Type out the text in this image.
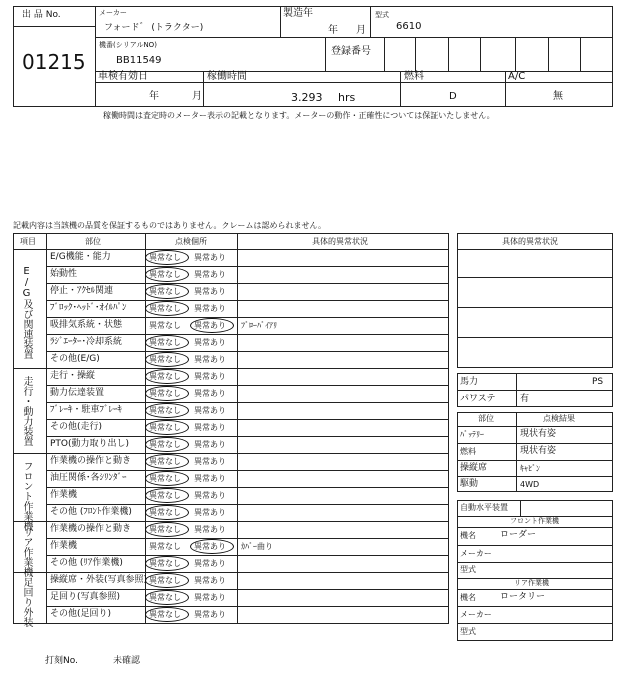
出 品 No.
01215
メーカー
フォード゛ (トラクター)
製造年
年 月
型式
6610
機番(シリアルNO)
BB11549
登録番号
車検有効日
年	月
稼働時間
3.293 hrs
燃料
D
A/C
無
稼働時間は査定時のメーター表示の記載となります。メーターの動作・正確性については保証いたしません。
記載内容は当該機の品質を保証するものではありません。クレームは認められません。
項目	部位	点検個所	具体的異常状況
E/G機能・能力	異常なし 異常あり
始動性	異常なし 異常あり
停止・ｱｸｾﾙ関連	異常なし 異常あり
ﾌﾞﾛｯｸ･ﾍｯﾄﾞ･ｵｲﾙﾊﾟﾝ	異常なし 異常あり
吸排気系統・状態	異常なし 異常あり ﾌﾞﾛｰﾊﾞｲｱﾘ
ﾗｼﾞｴｰﾀｰ･冷却系統	異常なし 異常あり
その他(E/G)	異常なし 異常あり
走行・操縦	異常なし 異常あり
動力伝達装置	異常なし 異常あり
ﾌﾞﾚｰｷ・駐車ﾌﾞﾚｰｷ	異常なし 異常あり
その他(走行)	異常なし 異常あり
PTO(動力取り出し) 異常なし 異常あり
作業機の操作と動き 異常なし 異常あり
油圧関係･各ｼﾘﾝﾀﾞｰ	異常なし 異常あり
作業機	異常なし 異常あり
その他 (ﾌﾛﾝﾄ作業機) 異常なし 異常あり
作業機の操作と動き 異常なし 異常あり
作業機	異常なし 異常あり ｶﾊﾞｰ曲り
その他 (ﾘｱ作業機)	異常なし 異常あり
操縦席・外装(写真参照) 異常なし 異常あり
足回り(写真参照)	異常なし 異常あり
その他(足回り)	異常なし 異常あり
E/G及び関連装置
走行・動力装置
フロント作業機
リア作業機
足回り外装
具体的異常状況
馬力	PS
パワステ	有
部位	点検結果
ﾊﾞｯﾃﾘｰ	現状有姿
燃料	現状有姿
操縦席	ｷｬﾋﾞﾝ
駆動	4WD
自動水平装置
フロント作業機
機名	ローダー
メーカー
型式
リア作業機
機名	ロータリー
メーカー
型式
打刻No.	未確認
